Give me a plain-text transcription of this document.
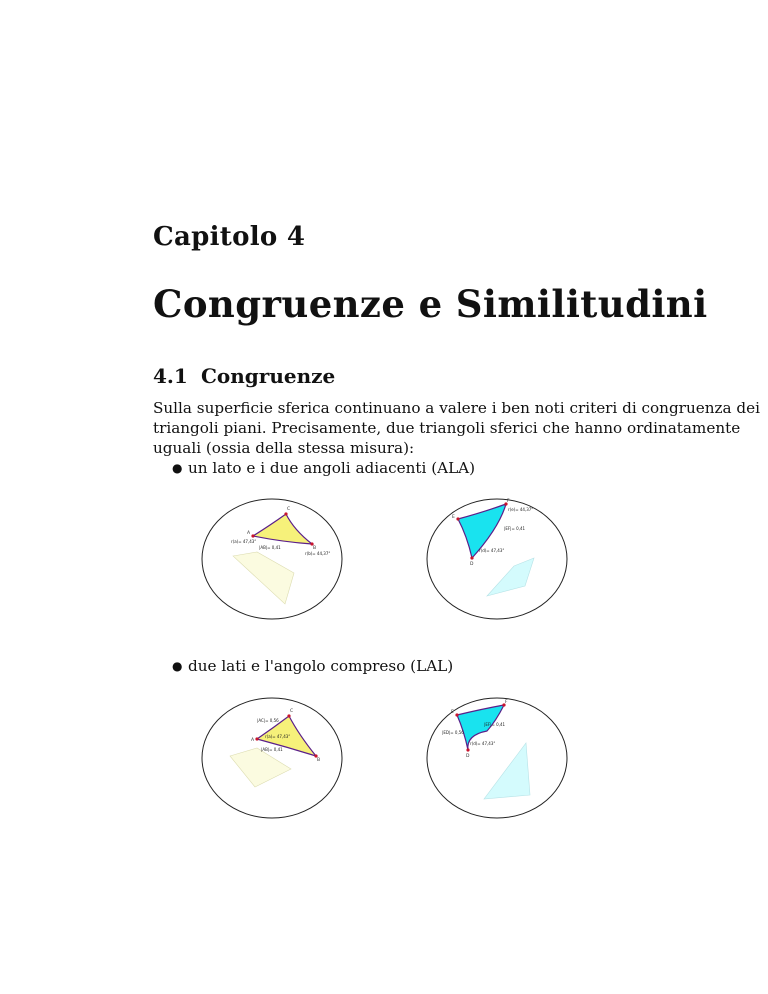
Capitolo 4
Congruenze e Similitudini
4.1 Congruenze
Sulla superficie sferica continuano a valere i ben noti criteri di congruenza dei
triangoli piani. Precisamente, due triangoli sferici che hanno ordinatamente
uguali (ossia della stessa misura):
● un lato e i due angoli adiacenti (ALA)
C
A
B
r(a)= 47,43°
|AB|= 0,41
r(b)= 44,37°
F
E
D
r(e)= 44,37°
|EF|= 0,41
r(d)= 47,43°
● due lati e l'angolo compreso (LAL)
C
A
B
|AC|= 0,56
r(a)= 47,43°
|AB|= 0,41
F
E
D
|EF|= 0,41
|ED|= 0,56
r(d)= 47,43°
